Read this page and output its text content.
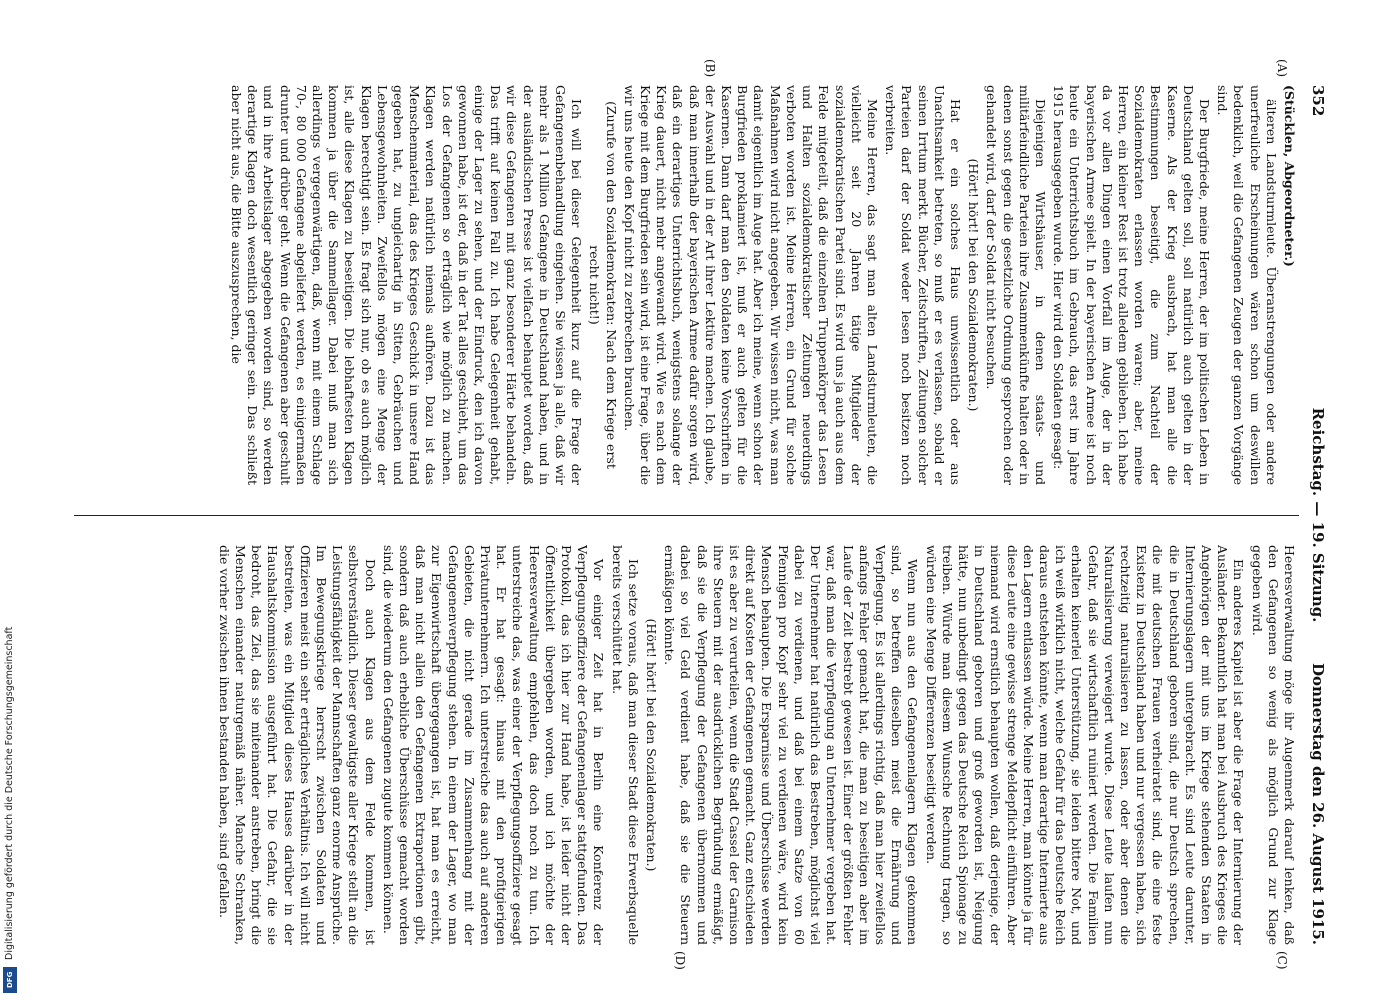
Digitalisierung gefördert durch die Deutsche Forschungsgemeinschaft
DFG
352
Reichstag. — 19. Sitzung.
Donnerstag den 26. August 1915.
(A)
(B)
(C)
(D)

(Stücklen, Abgeordneter.)

älteren Landsturmleute. Überanstrengungen oder andere unerfreuliche Erscheinungen wären schon um deswillen bedenklich, weil die Gefangenen Zeugen der ganzen Vorgänge sind.

Der Burgfriede, meine Herren, der im politischen Leben in Deutschland gelten soll, soll natürlich auch gelten in der Kaserne. Als der Krieg ausbrach, hat man alle die Bestimmungen beseitigt, die zum Nachteil der Sozialdemokraten erlassen worden waren; aber, meine Herren, ein kleiner Rest ist trotz alledem geblieben. Ich habe da vor allen Dingen einen Vorfall im Auge, der in der bayerischen Armee spielt. In der bayerischen Armee ist noch heute ein Unterrichtsbuch im Gebrauch, das erst im Jahre 1915 herausgegeben wurde. Hier wird den Soldaten gesagt:

Diejenigen Wirtshäuser, in denen staats- und militärfeindliche Parteien ihre Zusammenkünfte halten oder in denen sonst gegen die gesetzliche Ordnung gesprochen oder gehandelt wird, darf der Soldat nicht besuchen.

(Hört! hört! bei den Sozialdemokraten.)

Hat er ein solches Haus unwissentlich oder aus Unachtsamkeit betreten, so muß er es verlassen, sobald er seinen Irrtum merkt. Bücher, Zeitschriften, Zeitungen solcher Parteien darf der Soldat weder lesen noch besitzen noch verbreiten.

Meine Herren, das sagt man alten Landsturmleuten, die vielleicht seit 20 Jahren tätige Mitglieder der sozialdemokratischen Partei sind. Es wird uns ja auch aus dem Felde mitgeteilt, daß die einzelnen Truppenkörper das Lesen und Halten sozialdemokratischer Zeitungen neuerdings verboten worden ist. Meine Herren, ein Grund für solche Maßnahmen wird nicht angegeben. Wir wissen nicht, was man damit eigentlich im Auge hat. Aber ich meine, wenn schon der Burgfrieden proklamiert ist, muß er auch gelten für die Kasernen. Dann darf man den Soldaten keine Vorschriften in der Auswahl und in der Art ihrer Lektüre machen. Ich glaube, daß man innerhalb der bayerischen Armee dafür sorgen wird, daß ein derartiges Unterrichtsbuch, wenigstens solange der Krieg dauert, nicht mehr angewandt wird. Wie es nach dem Kriege mit dem Burgfrieden sein wird, ist eine Frage, über die wir uns heute den Kopf nicht zu zerbrechen brauchen.

(Zurufe von den Sozialdemokraten: Nach dem Kriege erst recht nicht!)

Ich will bei dieser Gelegenheit kurz auf die Frage der Gefangenenbehandlung eingehen. Sie wissen ja alle, daß wir mehr als 1 Million Gefangene in Deutschland haben, und in der ausländischen Presse ist vielfach behauptet worden, daß wir diese Gefangenen mit ganz besonderer Härte behandeln. Das trifft auf keinen Fall zu. Ich habe Gelegenheit gehabt, einige der Lager zu sehen, und der Eindruck, den ich davon gewonnen habe, ist der, daß in der Tat alles geschieht, um das Los der Gefangenen so erträglich wie möglich zu machen. Klagen werden natürlich niemals aufhören. Dazu ist das Menschenmaterial, das des Krieges Geschick in unsere Hand gegeben hat, zu ungleichartig in Sitten, Gebräuchen und Lebensgewohnheiten. Zweifellos mögen eine Menge der Klagen berechtigt sein. Es fragt sich nur, ob es auch möglich ist, alle diese Klagen zu beseitigen. Die lebhaftesten Klagen kommen ja über die Sammellager. Dabei muß man sich allerdings vergegenwärtigen, daß, wenn mit einem Schlage 70-, 80 000 Gefangene abgeliefert werden, es einigermaßen drunter und drüber geht. Wenn die Gefangenen aber geschult und in ihre Arbeitslager abgegeben worden sind, so werden derartige Klagen doch wesentlich geringer sein. Das schließt aber nicht aus, die Bitte auszusprechen, die

Heeresverwaltung möge ihr Augenmerk darauf lenken, daß den Gefangenen so wenig als möglich Grund zur Klage gegeben wird.

Ein anderes Kapitel ist aber die Frage der Internierung der Ausländer. Bekanntlich hat man bei Ausbruch des Krieges die Angehörigen der mit uns im Kriege stehenden Staaten in Internierungslagern untergebracht. Es sind Leute darunter, die in Deutschland geboren sind, die nur Deutsch sprechen, die mit deutschen Frauen verheiratet sind, die eine feste Existenz in Deutschland haben und nur vergessen haben, sich rechtzeitig naturalisieren zu lassen, oder aber denen die Naturalisierung verweigert wurde. Diese Leute laufen nun Gefahr, daß sie wirtschaftlich ruiniert werden. Die Familien erhalten keinerlei Unterstützung, sie leiden bittere Not, und ich weiß wirklich nicht, welche Gefahr für das Deutsche Reich daraus entstehen könnte, wenn man derartige Internierte aus den Lagern entlassen würde. Meine Herren, man könnte ja für diese Leute eine gewisse strenge Meldepflicht einführen. Aber niemand wird ernstlich behaupten wollen, daß derjenige, der in Deutschland geboren und groß geworden ist, Neigung hätte, nun unbedingt gegen das Deutsche Reich Spionage zu treiben. Würde man diesem Wunsche Rechnung tragen, so würden eine Menge Differenzen beseitigt werden.

Wenn nun aus den Gefangenenlagern Klagen gekommen sind, so betreffen dieselben meist die Ernährung und Verpflegung. Es ist allerdings richtig, daß man hier zweifellos anfangs Fehler gemacht hat, die man zu beseitigen aber im Laufe der Zeit bestrebt gewesen ist. Einer der größten Fehler war, daß man die Verpflegung an Unternehmer vergeben hat. Der Unternehmer hat natürlich das Bestreben, möglichst viel dabei zu verdienen, und daß bei einem Satze von 60 Pfennigen pro Kopf sehr viel zu verdienen wäre, wird kein Mensch behaupten. Die Ersparnisse und Überschüsse werden direkt auf Kosten der Gefangenen gemacht. Ganz entschieden ist es aber zu verurteilen, wenn die Stadt Cassel der Garnison ihre Steuern mit der ausdrücklichen Begründung ermäßigt, daß sie die Verpflegung der Gefangenen übernommen und dabei so viel Geld verdient habe, daß sie die Steuern ermäßigen könnte.

(Hört! hört! bei den Sozialdemokraten.)

Ich setze voraus, daß man dieser Stadt diese Erwerbsquelle bereits verschüttet hat.

Vor einiger Zeit hat in Berlin eine Konferenz der Verpflegungsoffiziere der Gefangenenlager stattgefunden. Das Protokoll, das ich hier zur Hand habe, ist leider nicht der Öffentlichkeit übergeben worden, und ich möchte der Heeresverwaltung empfehlen, das doch noch zu tun. Ich unterstreiche das, was einer der Verpflegungsoffiziere gesagt hat. Er hat gesagt: hinaus mit den profitgierigen Privatunternehmern. Ich unterstreiche das auch auf anderen Gebieten, die nicht gerade im Zusammenhang mit der Gefangenenverpflegung stehen. In einem der Lager, wo man zur Eigenwirtschaft übergegangen ist, hat man es erreicht, daß man nicht allein den Gefangenen Extraportionen gibt, sondern daß auch erhebliche Überschüsse gemacht worden sind, die wiederum den Gefangenen zugute kommen können.

Doch auch Klagen aus dem Felde kommen, ist selbstverständlich. Dieser gewaltigste aller Kriege stellt an die Leistungsfähigkeit der Mannschaften ganz enorme Ansprüche. Im Bewegungskriege herrscht zwischen Soldaten und Offizieren meist ein sehr erträgliches Verhältnis. Ich will nicht bestreiten, was ein Mitglied dieses Hauses darüber in der Haushaltskommission ausgeführt hat. Die Gefahr, die sie bedroht, das Ziel, das sie miteinander anstreben, bringt die Menschen einander naturgemäß näher. Manche Schranken, die vorher zwischen ihnen bestanden haben, sind gefallen.
